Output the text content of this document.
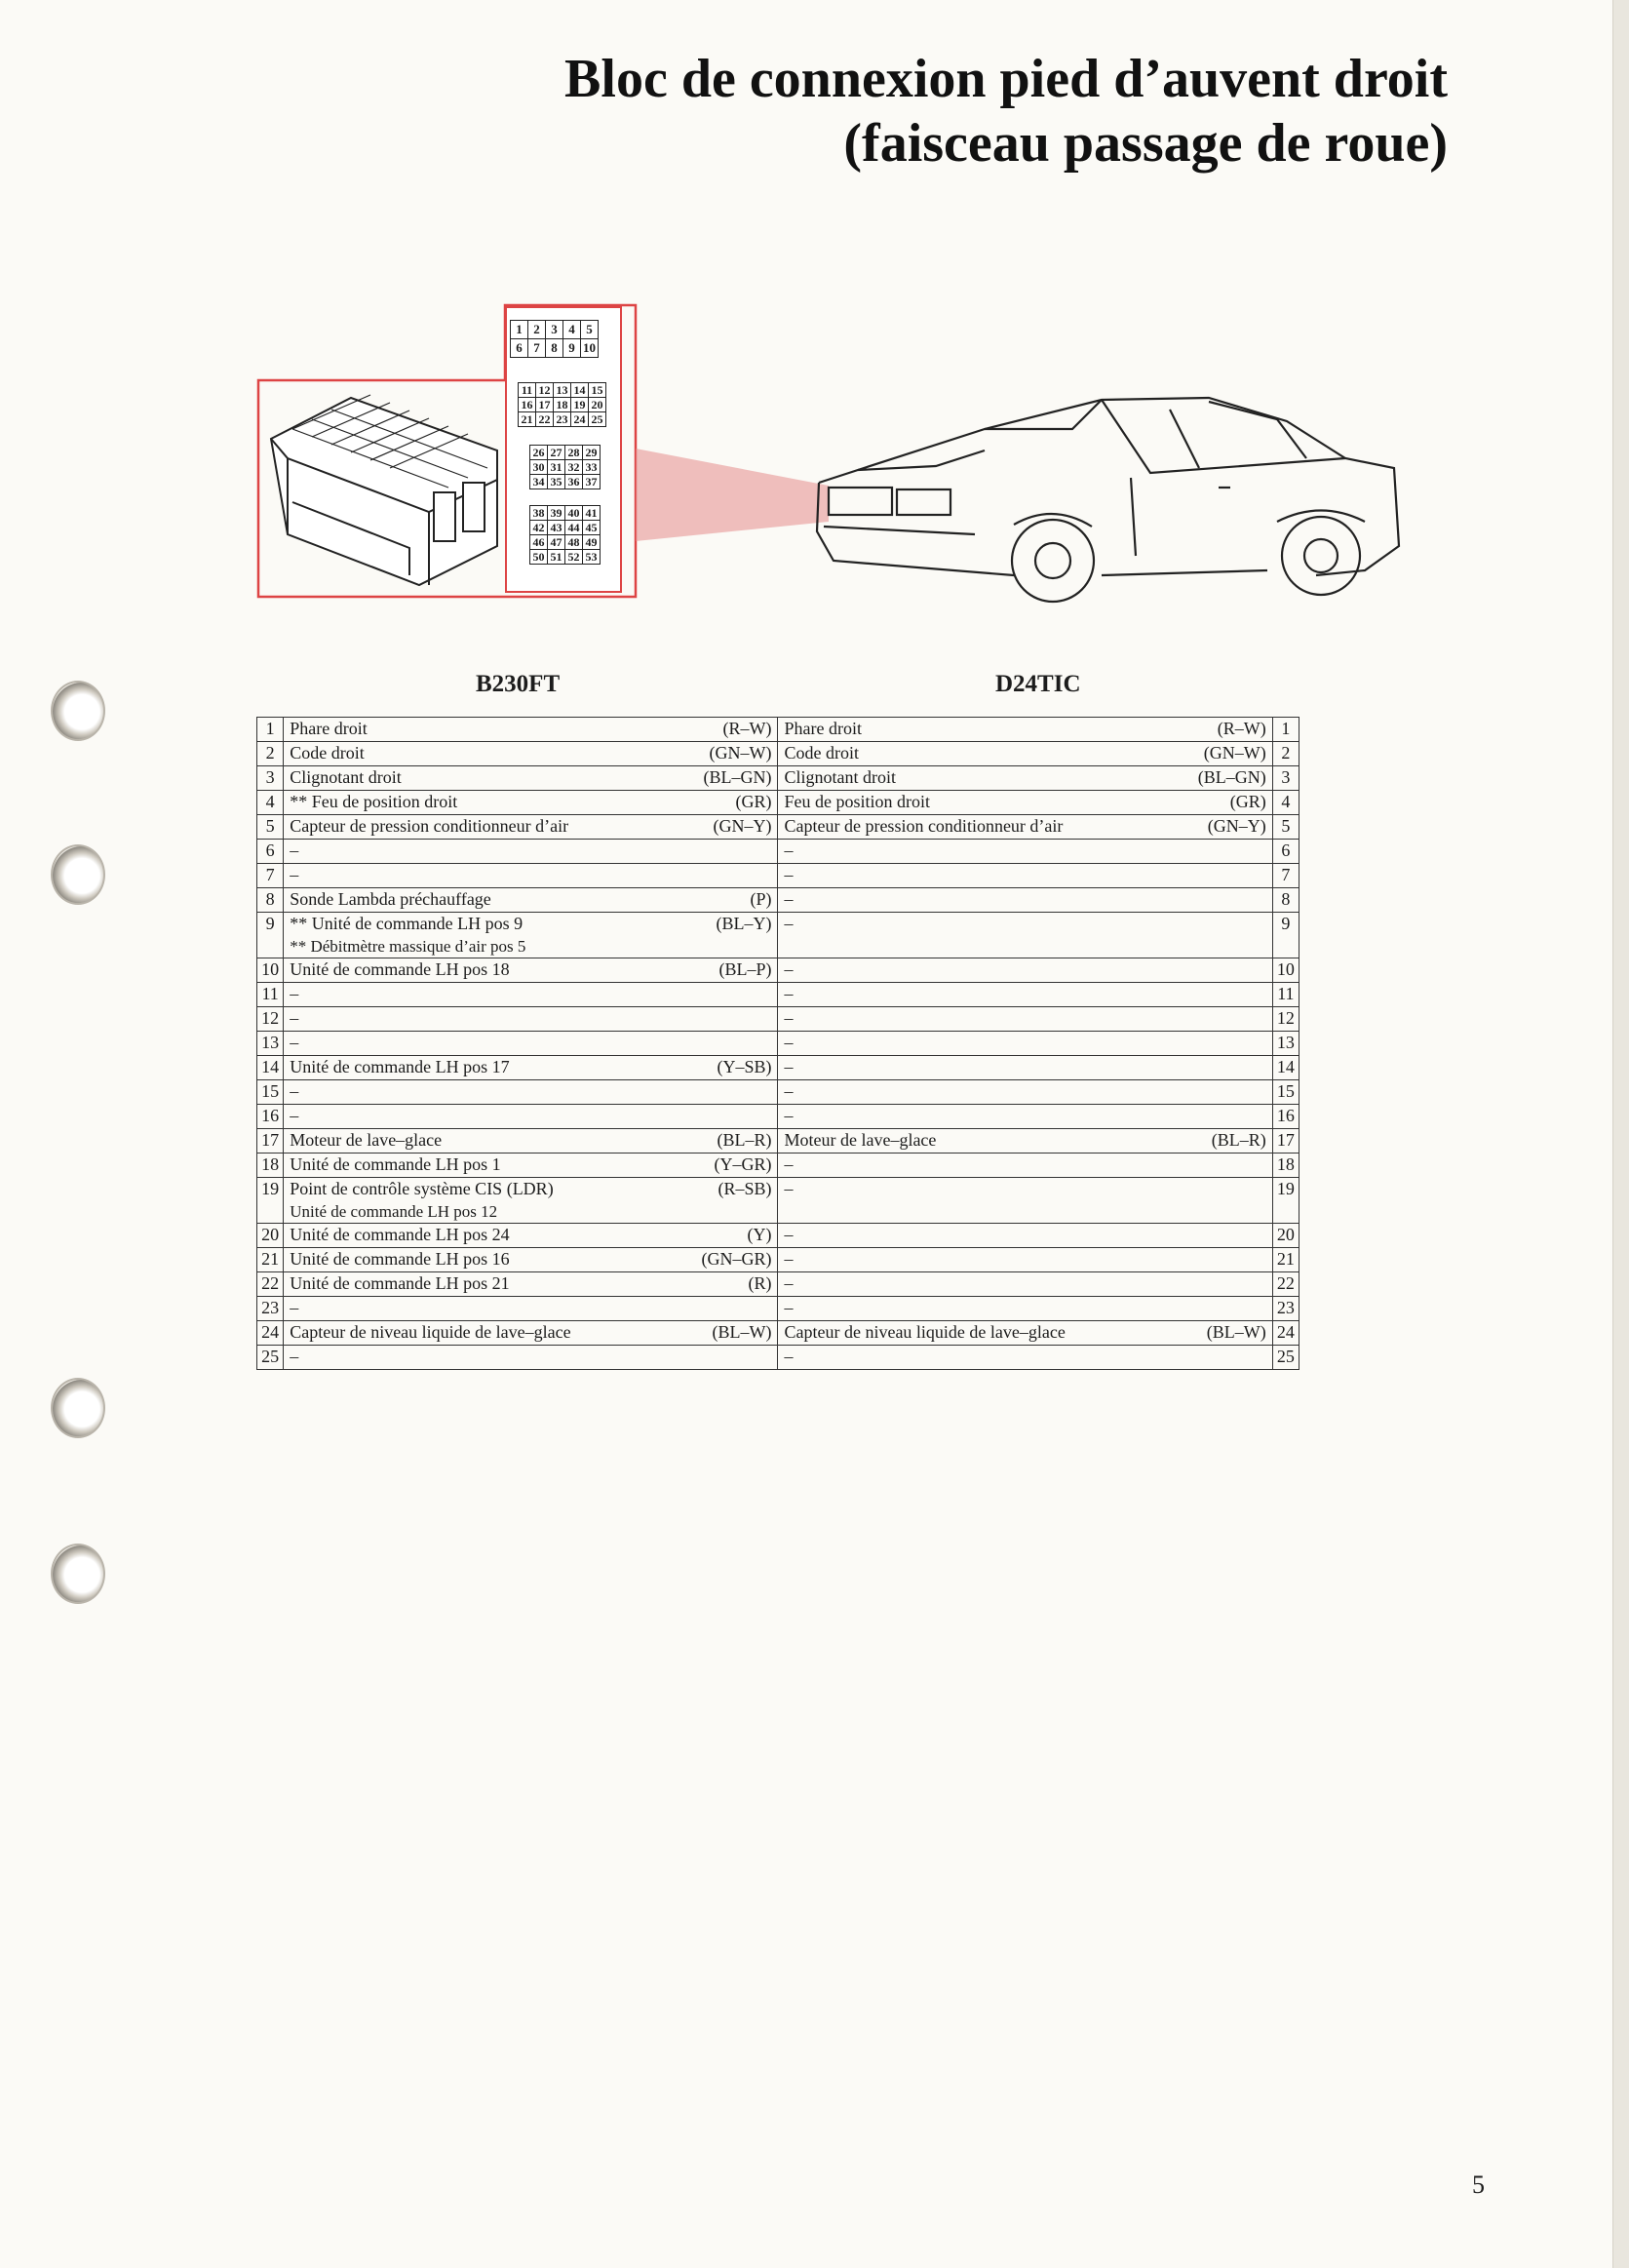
Bloc de connexion pied d’auvent droit
(faisceau passage de roue)
1	2	3	4	5
6	7	8	9	10
11	12	13	14	15
16	17	18	19	20
21	22	23	24	25
26	27	28	29
30	31	32	33
34	35	36	37
38	39	40	41
42	43	44	45
46	47	48	49
50	51	52	53
B230FT	D24TIC
1	Phare droit (R–W)	Phare droit (R–W)	1
2	Code droit (GN–W)	Code droit (GN–W)	2
3	Clignotant droit (BL–GN)	Clignotant droit (BL–GN)	3
4	** Feu de position droit (GR)	Feu de position droit (GR)	4
5	Capteur de pression conditionneur d’air (GN–Y)	Capteur de pression conditionneur d’air (GN–Y)	5
6	–	–	6
7	–	–	7
8	Sonde Lambda préchauffage (P)	–	8
9	** Unité de commande LH pos 9 (BL–Y)
** Débitmètre massique d’air pos 5	–	9
10	Unité de commande LH pos 18 (BL–P)	–	10
11	–	–	11
12	–	–	12
13	–	–	13
14	Unité de commande LH pos 17 (Y–SB)	–	14
15	–	–	15
16	–	–	16
17	Moteur de lave–glace (BL–R)	Moteur de lave–glace (BL–R)	17
18	Unité de commande LH pos 1 (Y–GR)	–	18
19	Point de contrôle système CIS (LDR) (R–SB)
Unité de commande LH pos 12	–	19
20	Unité de commande LH pos 24 (Y)	–	20
21	Unité de commande LH pos 16 (GN–GR)	–	21
22	Unité de commande LH pos 21 (R)	–	22
23	–	–	23
24	Capteur de niveau liquide de lave–glace (BL–W)	Capteur de niveau liquide de lave–glace (BL–W)	24
25	–	–	25
5
